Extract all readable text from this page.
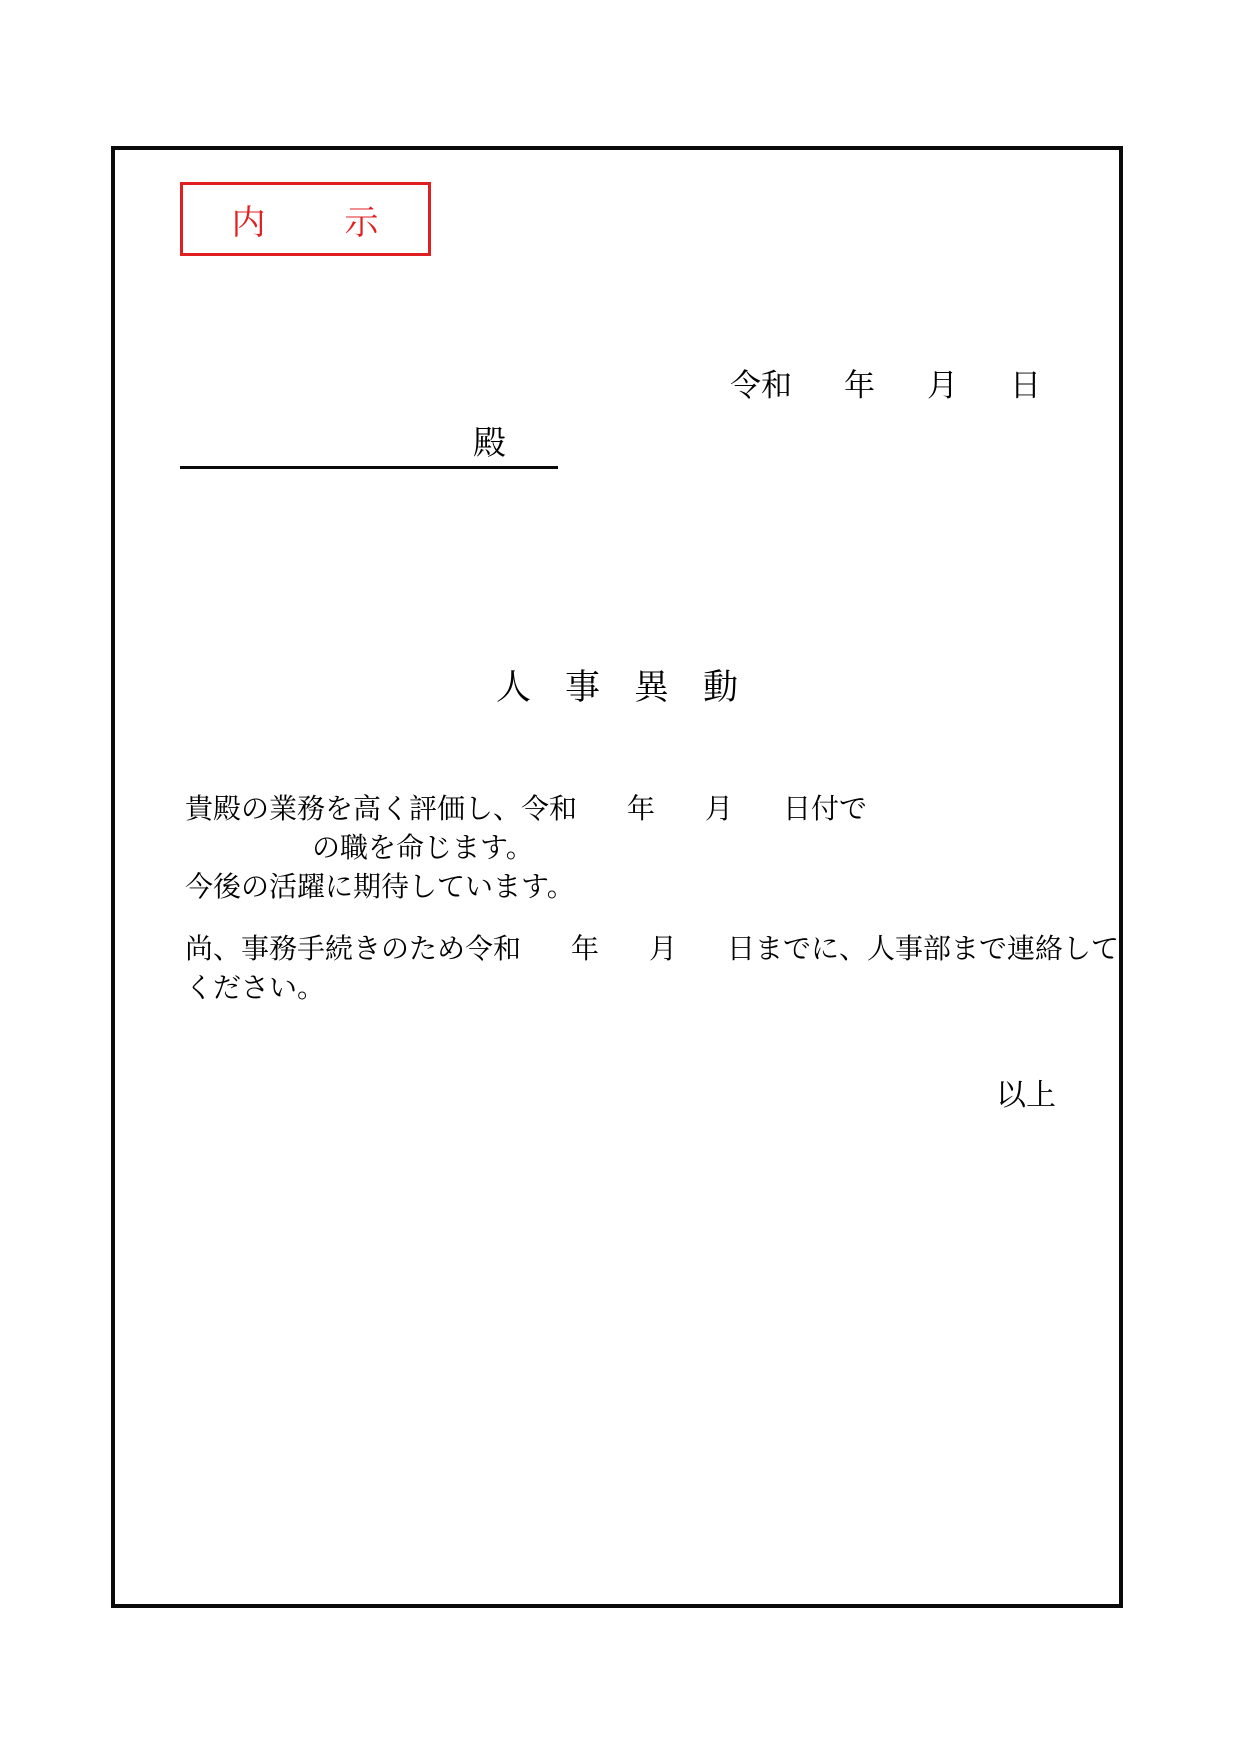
内 示
令和 年 月 日
殿
人 事 異 動
貴殿の業務を高く評価し、令和 年 月 日付で
の職を命じます。
今後の活躍に期待しています。
尚、事務手続きのため令和 年 月 日までに、人事部まで連絡して
ください。
以上
